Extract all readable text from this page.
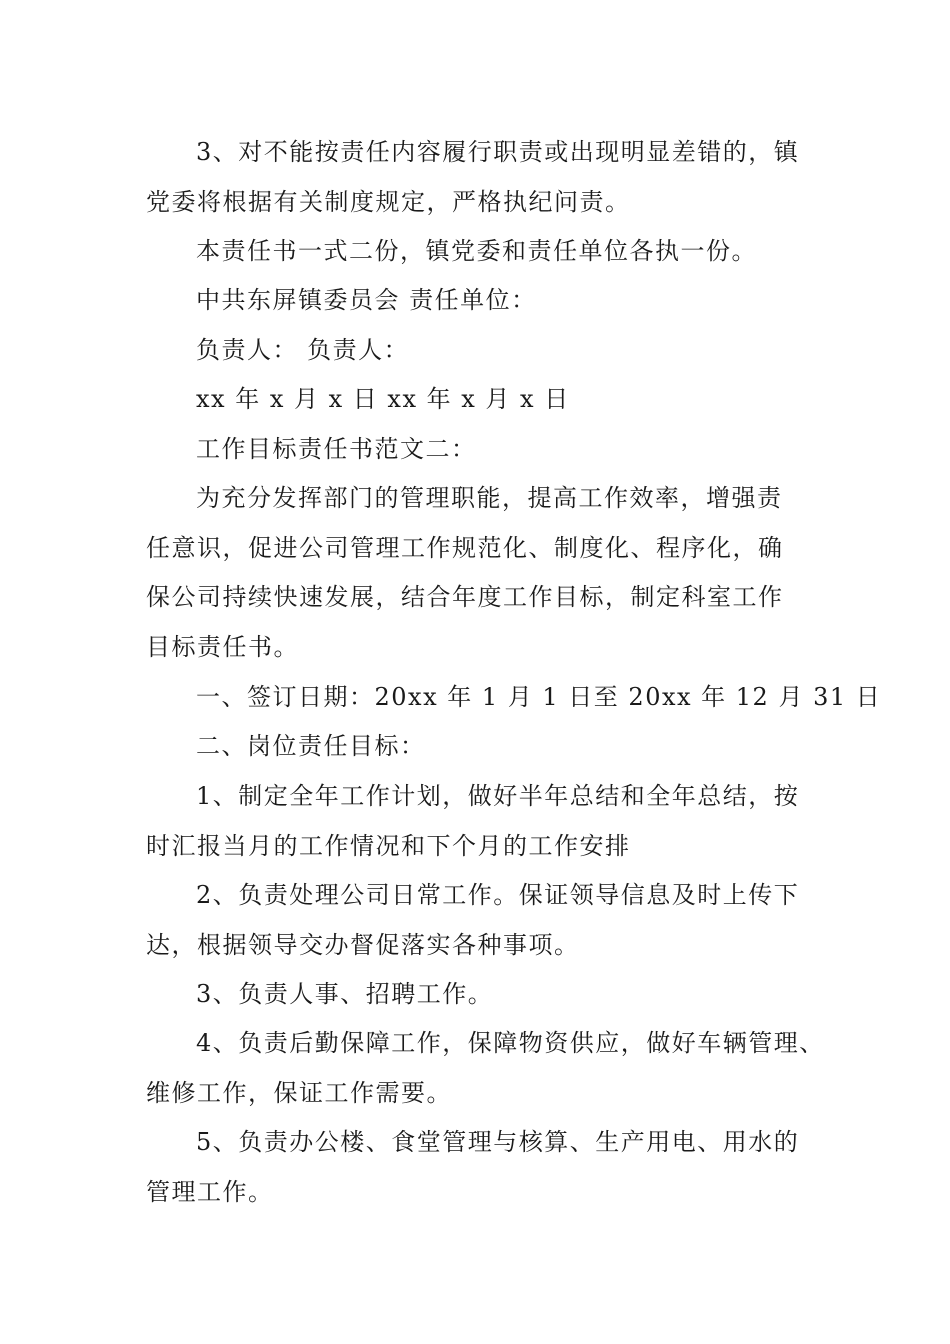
3、对不能按责任内容履行职责或出现明显差错的，镇
党委将根据有关制度规定，严格执纪问责。
本责任书一式二份，镇党委和责任单位各执一份。
中共东屏镇委员会 责任单位：
负责人： 负责人：
xx 年 x 月 x 日 xx 年 x 月 x 日
工作目标责任书范文二：
为充分发挥部门的管理职能，提高工作效率，增强责
任意识，促进公司管理工作规范化、制度化、程序化，确
保公司持续快速发展，结合年度工作目标，制定科室工作
目标责任书。
一、签订日期：20xx 年 1 月 1 日至 20xx 年 12 月 31 日
二、岗位责任目标：
1、制定全年工作计划，做好半年总结和全年总结，按
时汇报当月的工作情况和下个月的工作安排
2、负责处理公司日常工作。保证领导信息及时上传下
达，根据领导交办督促落实各种事项。
3、负责人事、招聘工作。
4、负责后勤保障工作，保障物资供应，做好车辆管理、
维修工作，保证工作需要。
5、负责办公楼、食堂管理与核算、生产用电、用水的
管理工作。
